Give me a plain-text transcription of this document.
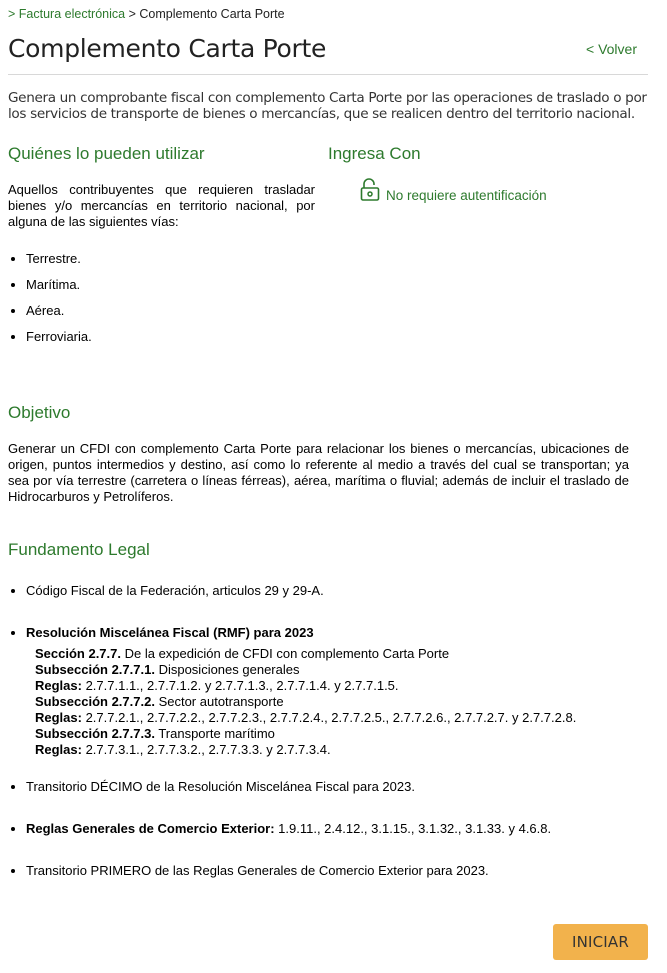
> Factura electrónica > Complemento Carta Porte
Complemento Carta Porte	< Volver
Genera un comprobante fiscal con complemento Carta Porte por las operaciones de traslado o por los servicios de transporte de bienes o mercancías, que se realicen dentro del territorio nacional.
Quiénes lo pueden utilizar
Aquellos contribuyentes que requieren trasladar bienes y/o mercancías en territorio nacional, por alguna de las siguientes vías:
• Terrestre.
• Marítima.
• Aérea.
• Ferroviaria.
Ingresa Con
No requiere autentificación
Objetivo
Generar un CFDI con complemento Carta Porte para relacionar los bienes o mercancías, ubicaciones de origen, puntos intermedios y destino, así como lo referente al medio a través del cual se transportan; ya sea por vía terrestre (carretera o líneas férreas), aérea, marítima o fluvial; además de incluir el traslado de Hidrocarburos y Petrolíferos.
Fundamento Legal
• Código Fiscal de la Federación, articulos 29 y 29-A.
• Resolución Miscelánea Fiscal (RMF) para 2023
Sección 2.7.7. De la expedición de CFDI con complemento Carta Porte
Subsección 2.7.7.1. Disposiciones generales
Reglas: 2.7.7.1.1., 2.7.7.1.2. y 2.7.7.1.3., 2.7.7.1.4. y 2.7.7.1.5.
Subsección 2.7.7.2. Sector autotransporte
Reglas: 2.7.7.2.1., 2.7.7.2.2., 2.7.7.2.3., 2.7.7.2.4., 2.7.7.2.5., 2.7.7.2.6., 2.7.7.2.7. y 2.7.7.2.8.
Subsección 2.7.7.3. Transporte marítimo
Reglas: 2.7.7.3.1., 2.7.7.3.2., 2.7.7.3.3. y 2.7.7.3.4.
• Transitorio DÉCIMO de la Resolución Miscelánea Fiscal para 2023.
• Reglas Generales de Comercio Exterior: 1.9.11., 2.4.12., 3.1.15., 3.1.32., 3.1.33. y 4.6.8.
• Transitorio PRIMERO de las Reglas Generales de Comercio Exterior para 2023.
INICIAR
